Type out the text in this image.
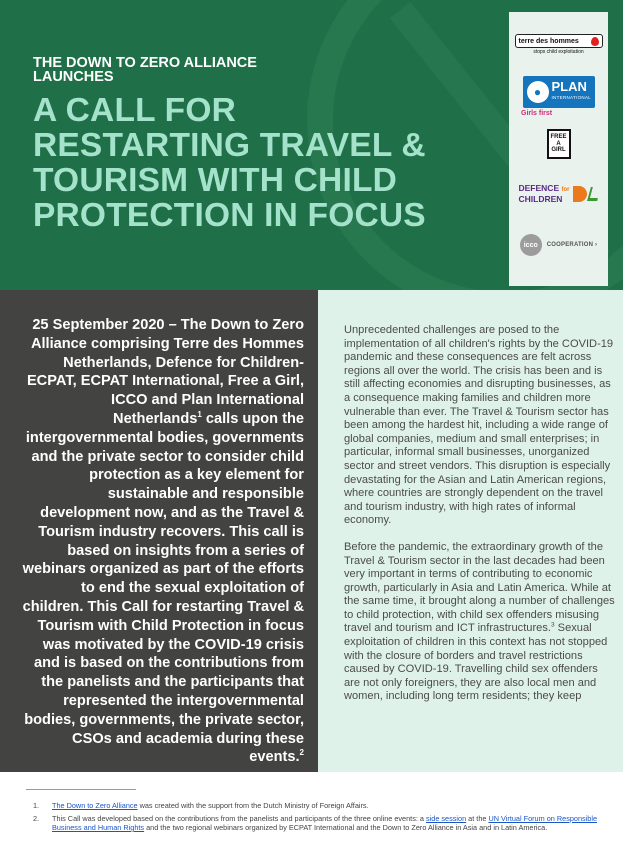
THE DOWN TO ZERO ALLIANCE LAUNCHES
A CALL FOR RESTARTING TRAVEL & TOURISM WITH CHILD PROTECTION IN FOCUS
terre des hommes
stops child exploitation
● PLAN
INTERNATIONAL
Girls first
FREE A GIRL
DEFENCE for
CHILDREN
icco	COOPERATION ›
25 September 2020 – The Down to Zero Alliance comprising Terre des Hommes Netherlands, Defence for Children-ECPAT, ECPAT International, Free a Girl, ICCO and Plan International Netherlands$^1$ calls upon the intergovernmental bodies, governments and the private sector to consider child protection as a key element for sustainable and responsible development now, and as the Travel & Tourism industry recovers. This call is based on insights from a series of webinars organized as part of the efforts to end the sexual exploitation of children. This Call for restarting Travel & Tourism with Child Protection in focus was motivated by the COVID-19 crisis and is based on the contributions from the panelists and the participants that represented the intergovernmental bodies, governments, the private sector, CSOs and academia during these events.$^2$

Unprecedented challenges are posed to the implementation of all children's rights by the COVID-19 pandemic and these consequences are felt across regions all over the world. The crisis has been and is still affecting economies and disrupting businesses, as a consequence making families and children more vulnerable than ever. The Travel & Tourism sector has been among the hardest hit, including a wide range of global companies, medium and small enterprises; in particular, informal small businesses, unorganized sector and street vendors. This disruption is especially devastating for the Asian and Latin American regions, where countries are strongly dependent on the travel and tourism industry, with high rates of informal economy.

Before the pandemic, the extraordinary growth of the Travel & Tourism sector in the last decades had been very important in terms of contributing to economic growth, particularly in Asia and Latin America. While at the same time, it brought along a number of challenges to child protection, with child sex offenders misusing travel and tourism and ICT infrastructures.$^3$ Sexual exploitation of children in this context has not stopped with the closure of borders and travel restrictions caused by COVID-19. Travelling child sex offenders are not only foreigners, they are also local men and women, including long term residents; they keep

1. The Down to Zero Alliance was created with the support from the Dutch Ministry of Foreign Affairs.
2. This Call was developed based on the contributions from the panelists and participants of the three online events: a side session at the UN Virtual Forum on Responsible Business and Human Rights and the two regional webinars organized by ECPAT International and the Down to Zero Alliance in Asia and in Latin America.
